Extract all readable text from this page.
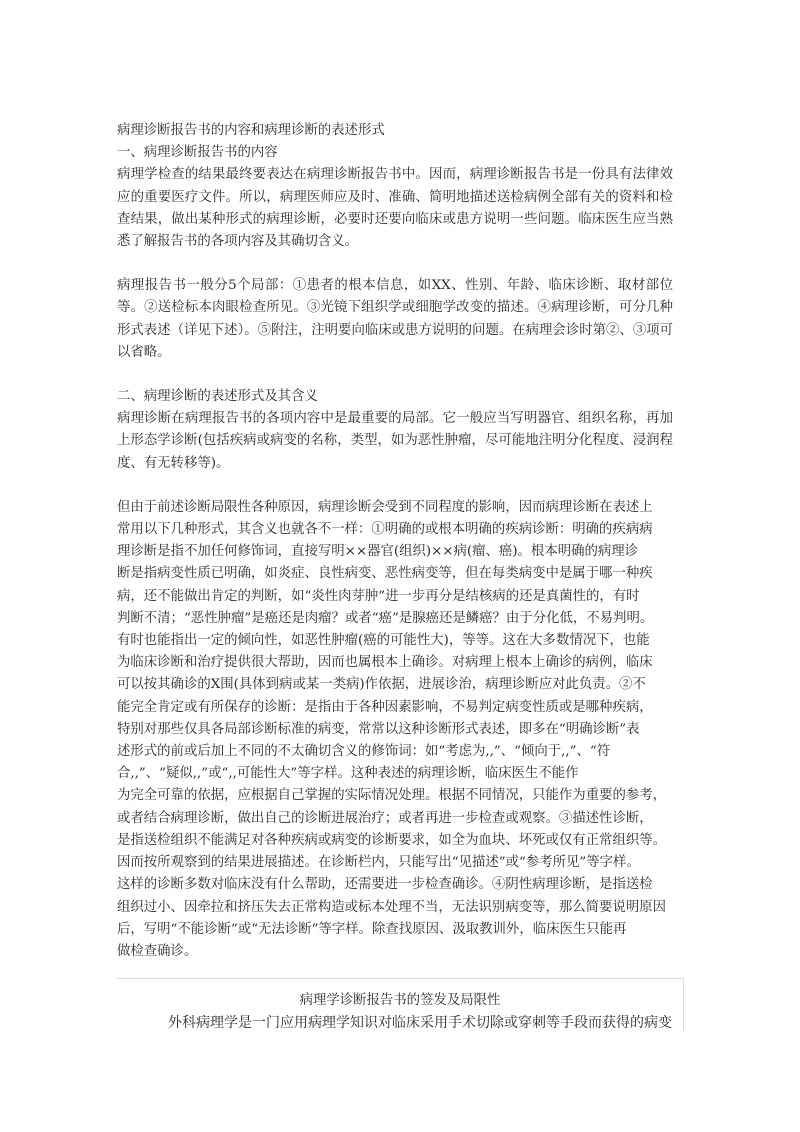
病理诊断报告书的内容和病理诊断的表述形式

一、病理诊断报告书的内容

病理学检查的结果最终要表达在病理诊断报告书中。因而，病理诊断报告书是一份具有法律效应的重要医疗文件。所以，病理医师应及时、准确、简明地描述送检病例全部有关的资料和检查结果，做出某种形式的病理诊断，必要时还要向临床或患方说明一些问题。临床医生应当熟悉了解报告书的各项内容及其确切含义。

病理报告书一般分5个局部：①患者的根本信息，如XX、性别、年龄、临床诊断、取材部位等。②送检标本肉眼检查所见。③光镜下组织学或细胞学改变的描述。④病理诊断，可分几种形式表述（详见下述）。⑤附注，注明要向临床或患方说明的问题。在病理会诊时第②、③项可以省略。

二、病理诊断的表述形式及其含义

病理诊断在病理报告书的各项内容中是最重要的局部。它一般应当写明器官、组织名称，再加上形态学诊断(包括疾病或病变的名称，类型，如为恶性肿瘤，尽可能地注明分化程度、浸润程度、有无转移等)。

但由于前述诊断局限性各种原因，病理诊断会受到不同程度的影响，因而病理诊断在表述上
常用以下几种形式，其含义也就各不一样：①明确的或根本明确的疾病诊断：明确的疾病病
理诊断是指不加任何修饰词，直接写明××器官(组织)××病(瘤、癌)。根本明确的病理诊
断是指病变性质已明确，如炎症、良性病变、恶性病变等，但在每类病变中是属于哪一种疾
病，还不能做出肯定的判断，如“炎性肉芽肿”进一步再分是结核病的还是真菌性的，有时
判断不清；“恶性肿瘤”是癌还是肉瘤？或者“癌”是腺癌还是鳞癌？由于分化低，不易判明。
有时也能指出一定的倾向性，如恶性肿瘤(癌的可能性大)，等等。这在大多数情况下，也能
为临床诊断和治疗提供很大帮助，因而也属根本上确诊。对病理上根本上确诊的病例，临床
可以按其确诊的X围(具体到病或某一类病)作依据，进展诊治，病理诊断应对此负责。②不
能完全肯定或有所保存的诊断：是指由于各种因素影响，不易判定病变性质或是哪种疾病，
特别对那些仅具各局部诊断标准的病变，常常以这种诊断形式表述，即多在“明确诊断”表
述形式的前或后加上不同的不太确切含义的修饰词：如“考虑为,,”、“倾向于,,”、“符
合,,”、“疑似,,”或“,,可能性大”等字样。这种表述的病理诊断，临床医生不能作
为完全可靠的依据，应根据自己掌握的实际情况处理。根据不同情况，只能作为重要的参考，
或者结合病理诊断，做出自己的诊断进展治疗；或者再进一步检查或观察。③描述性诊断，
是指送检组织不能满足对各种疾病或病变的诊断要求，如全为血块、坏死或仅有正常组织等。
因而按所观察到的结果进展描述。在诊断栏内，只能写出“见描述”或“参考所见”等字样。
这样的诊断多数对临床没有什么帮助，还需要进一步检查确诊。④阴性病理诊断，是指送检
组织过小、因牵拉和挤压失去正常构造或标本处理不当，无法识别病变等，那么简要说明原因
后，写明“不能诊断”或“无法诊断”等字样。除查找原因、汲取教训外，临床医生只能再
做检查确诊。

病理学诊断报告书的签发及局限性
外科病理学是一门应用病理学知识对临床采用手术切除或穿刺等手段而获得的病变
